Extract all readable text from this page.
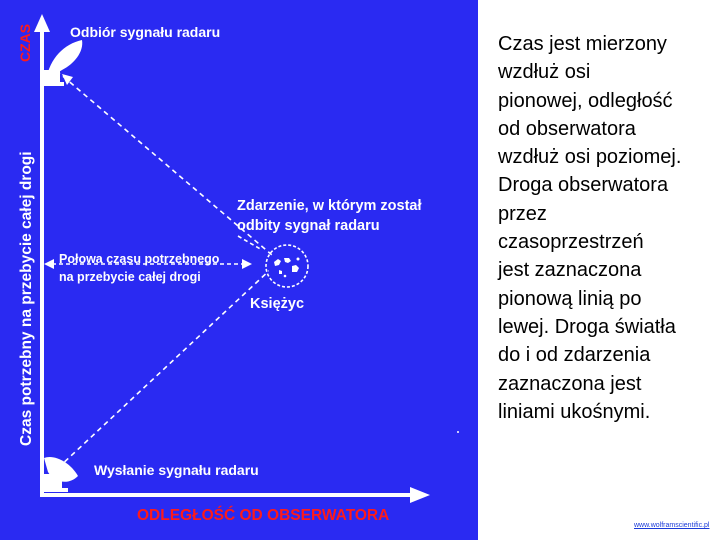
Czas potrzebny na przebycie całej drogi
CZAS
ODLEGŁOŚĆ OD OBSERWATORA
Odbiór sygnału radaru
Zdarzenie, w którym został
odbity sygnał radaru
Połowa czasu potrzebnego
na przebycie całej drogi
Księżyc
Wysłanie sygnału radaru
Czas jest mierzony
wzdłuż osi
pionowej, odległość
od obserwatora
wzdłuż osi poziomej.
Droga obserwatora
przez
czasoprzestrzeń
jest zaznaczona
pionową linią po
lewej. Droga światła
do i od zdarzenia
zaznaczona jest
liniami ukośnymi.
www.wolframscientific.pl
